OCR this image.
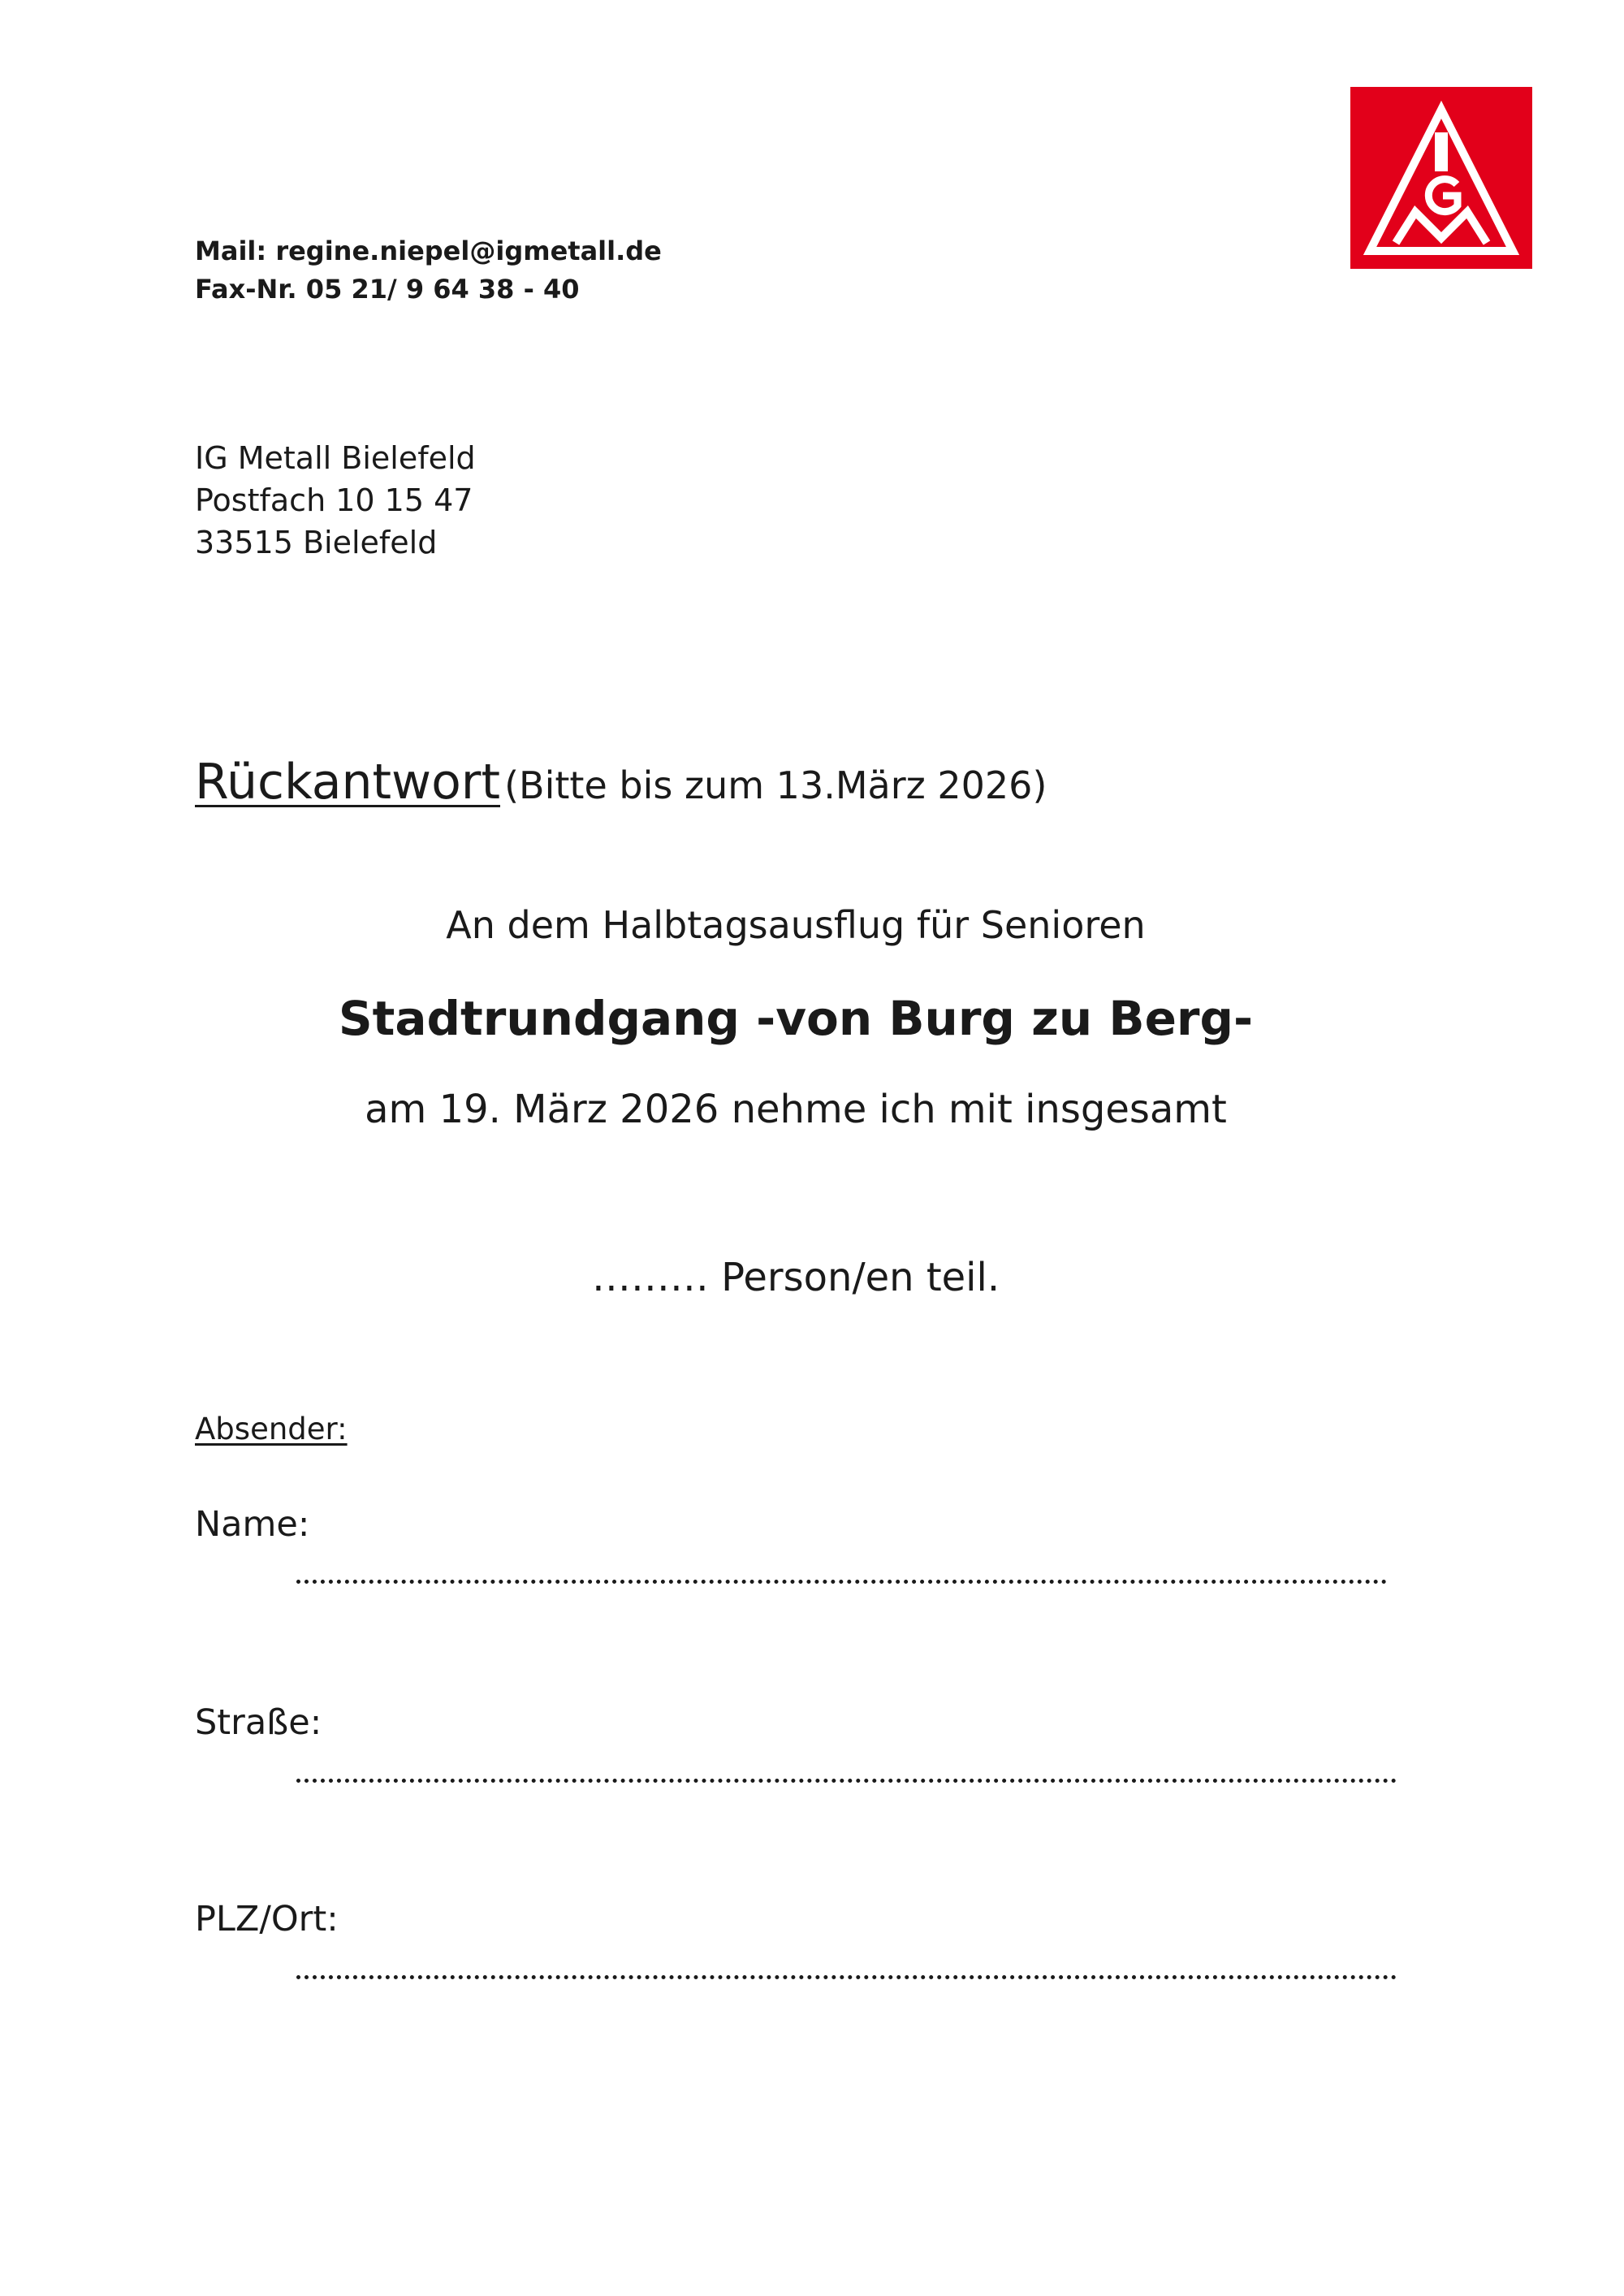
Mail: regine.niepel@igmetall.de
Fax-Nr. 05 21/ 9 64 38 - 40
IG Metall Bielefeld
Postfach 10 15 47
33515 Bielefeld
Rückantwort (Bitte bis zum 13.März 2026)
An dem Halbtagsausflug für Senioren
Stadtrundgang -von Burg zu Berg-
am 19. März 2026 nehme ich mit insgesamt
……… Person/en teil.
Absender:
Name:
Straße:
PLZ/Ort:
